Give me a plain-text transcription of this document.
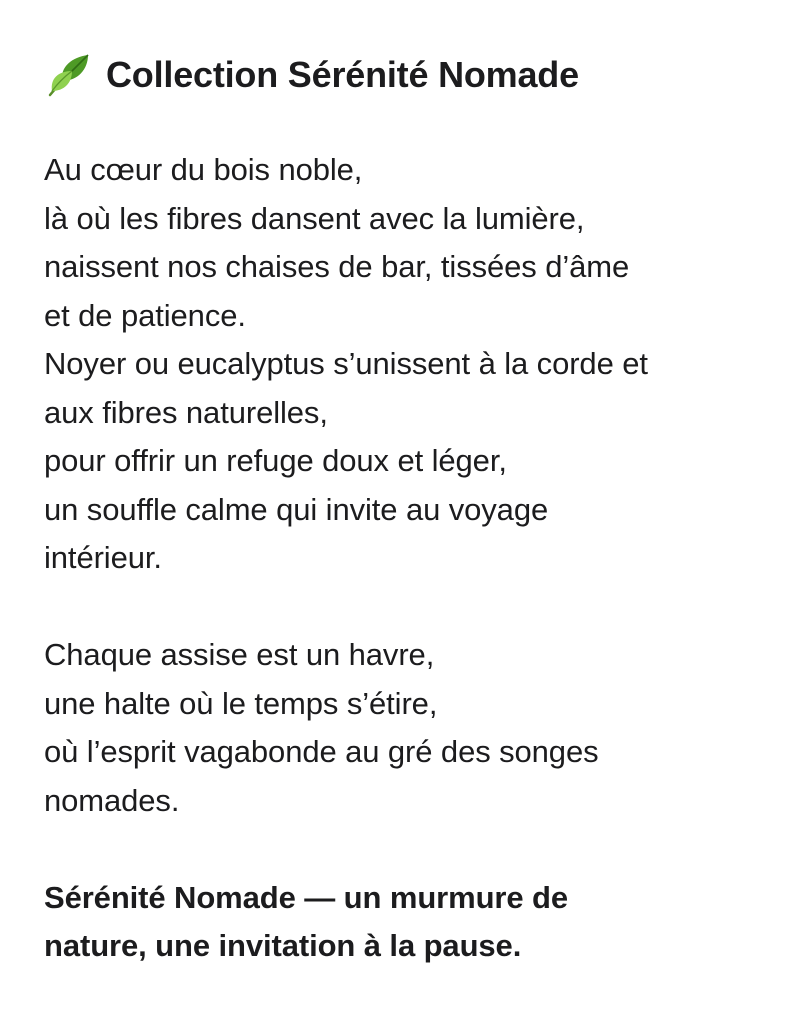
Collection Sérénité Nomade

Au cœur du bois noble,
là où les fibres dansent avec la lumière,
naissent nos chaises de bar, tissées d’âme
et de patience.
Noyer ou eucalyptus s’unissent à la corde et
aux fibres naturelles,
pour offrir un refuge doux et léger,
un souffle calme qui invite au voyage
intérieur.

Chaque assise est un havre,
une halte où le temps s’étire,
où l’esprit vagabonde au gré des songes
nomades.

Sérénité Nomade — un murmure de
nature, une invitation à la pause.
